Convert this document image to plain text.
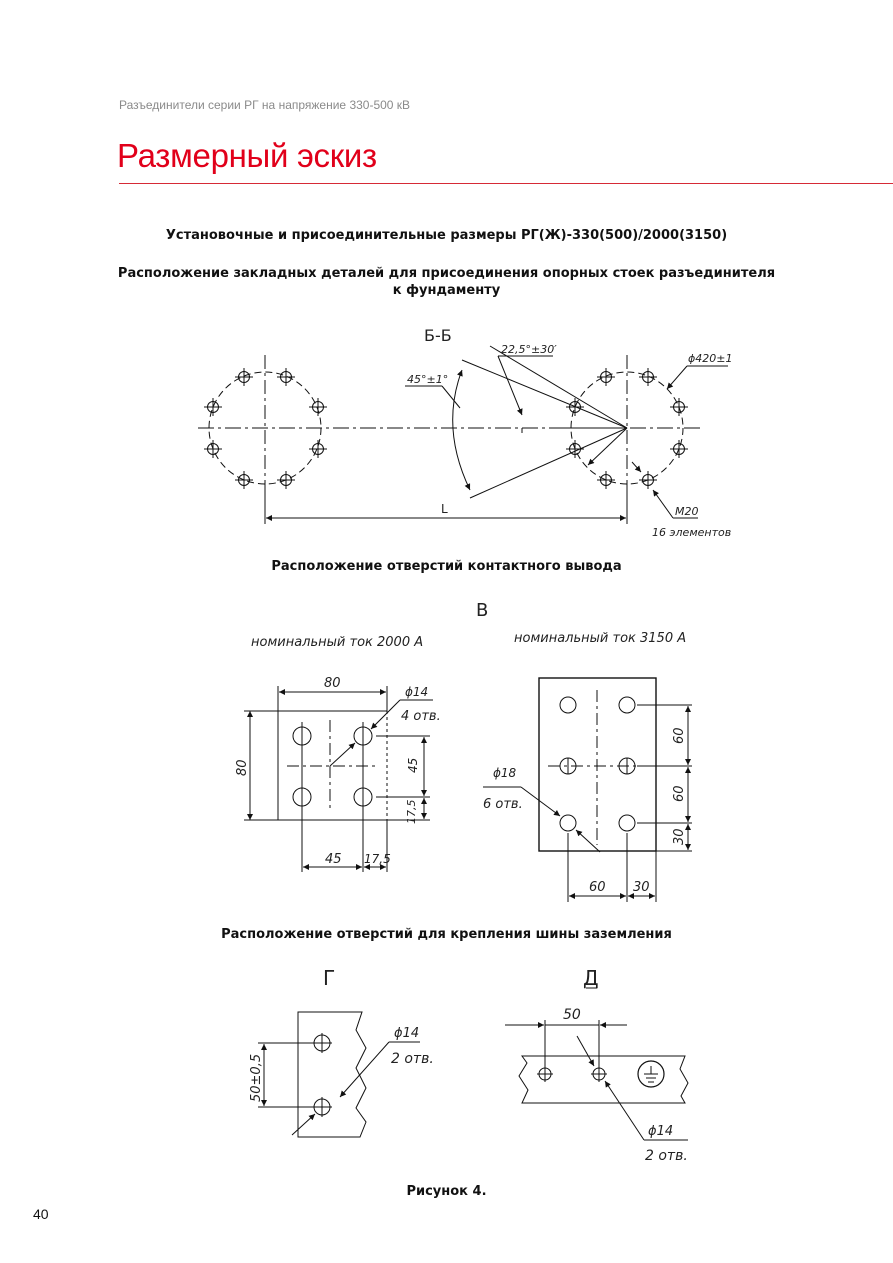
Разъединители серии РГ на напряжение 330-500 кВ
Размерный эскиз
Установочные и присоединительные размеры РГ(Ж)-330(500)/2000(3150)
Расположение закладных деталей для присоединения опорных стоек разъединителя
к фундаменту
Расположение отверстий контактного вывода
Расположение отверстий для крепления шины заземления
Рисунок 4.
40
Б-Б
22,5°±30′
45°±1°
ϕ420±1
L	М20
16 элементов
В
номинальный ток 2000 А	номинальный ток 3150 А
80
80
ϕ14
4 отв.
45
17,5
45 17,5
ϕ18
6 отв.
60
60
30
60 30
Г
50±0,5
ϕ14
2 отв.
Д
50
ϕ14
2 отв.
